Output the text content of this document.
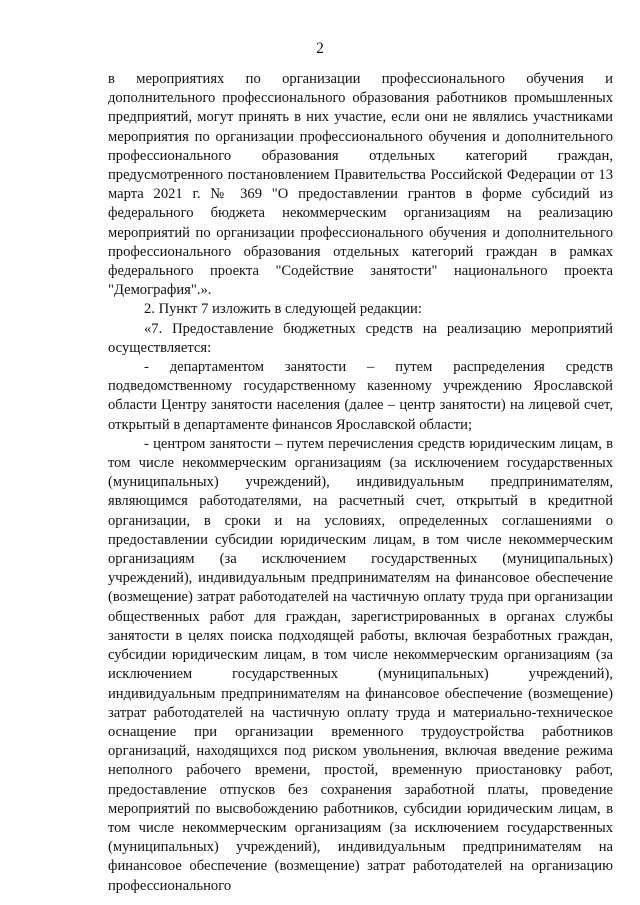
2

в мероприятиях по организации профессионального обучения и дополнительного профессионального образования работников промышленных предприятий, могут принять в них участие, если они не являлись участниками мероприятия по организации профессионального обучения и дополнительного профессионального образования отдельных категорий граждан, предусмотренного постановлением Правительства Российской Федерации от 13 марта 2021 г. № 369 "О предоставлении грантов в форме субсидий из федерального бюджета некоммерческим организациям на реализацию мероприятий по организации профессионального обучения и дополнительного профессионального образования отдельных категорий граждан в рамках федерального проекта "Содействие занятости" национального проекта "Демография".».

2. Пункт 7 изложить в следующей редакции:

«7. Предоставление бюджетных средств на реализацию мероприятий осуществляется:

- департаментом занятости – путем распределения средств подведомственному государственному казенному учреждению Ярославской области Центру занятости населения (далее – центр занятости) на лицевой счет, открытый в департаменте финансов Ярославской области;

- центром занятости – путем перечисления средств юридическим лицам, в том числе некоммерческим организациям (за исключением государственных (муниципальных) учреждений), индивидуальным предпринимателям, являющимся работодателями, на расчетный счет, открытый в кредитной организации, в сроки и на условиях, определенных соглашениями о предоставлении субсидии юридическим лицам, в том числе некоммерческим организациям (за исключением государственных (муниципальных) учреждений), индивидуальным предпринимателям на финансовое обеспечение (возмещение) затрат работодателей на частичную оплату труда при организации общественных работ для граждан, зарегистрированных в органах службы занятости в целях поиска подходящей работы, включая безработных граждан, субсидии юридическим лицам, в том числе некоммерческим организациям (за исключением государственных (муниципальных) учреждений), индивидуальным предпринимателям на финансовое обеспечение (возмещение) затрат работодателей на частичную оплату труда и материально-техническое оснащение при организации временного трудоустройства работников организаций, находящихся под риском увольнения, включая введение режима неполного рабочего времени, простой, временную приостановку работ, предоставление отпусков без сохранения заработной платы, проведение мероприятий по высвобождению работников, субсидии юридическим лицам, в том числе некоммерческим организациям (за исключением государственных (муниципальных) учреждений), индивидуальным предпринимателям на финансовое обеспечение (возмещение) затрат работодателей на организацию профессионального
